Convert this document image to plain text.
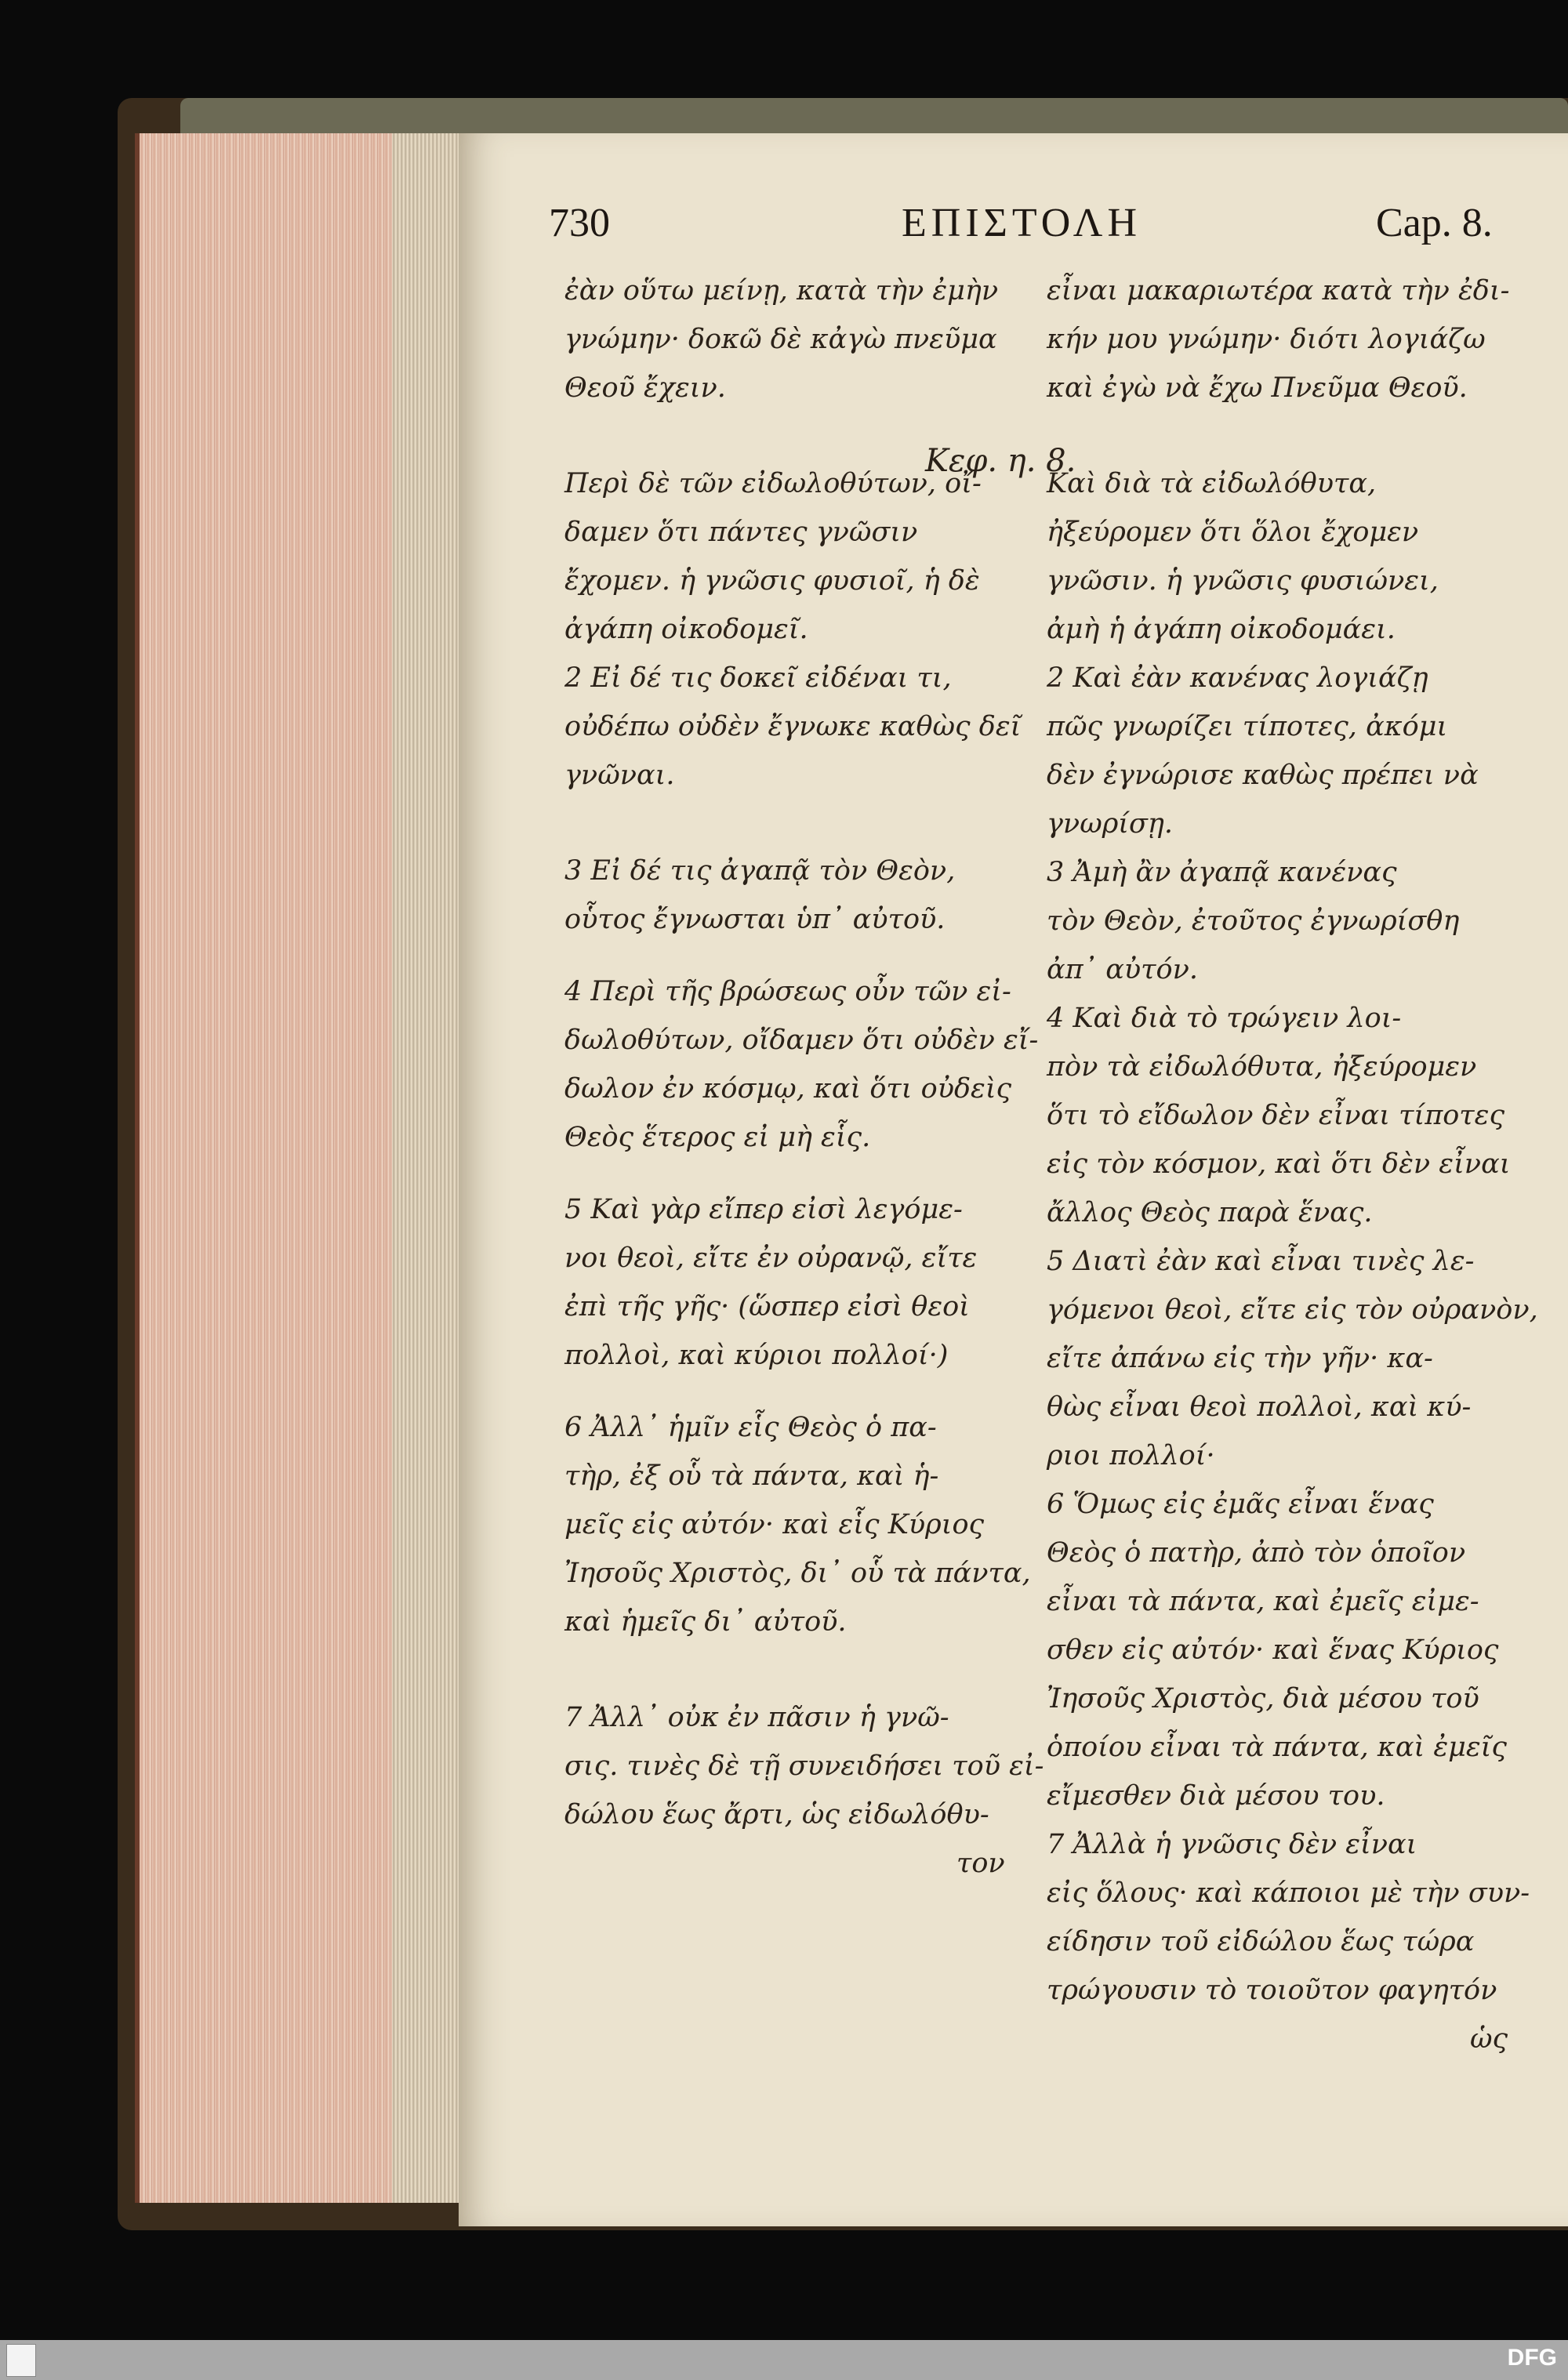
730	ΕΠΙΣΤΟΛΗ	Cap. 8.
Κεφ. η. 8.
ἐὰν οὕτω μείνῃ, κατὰ τὴν ἐμὴν
γνώμην· δοκῶ δὲ κἀγὼ πνεῦμα
Θεοῦ ἔχειν.
Περὶ δὲ τῶν εἰδωλοθύτων, οἴ-
δαμεν ὅτι πάντες γνῶσιν
ἔχομεν. ἡ γνῶσις φυσιοῖ, ἡ δὲ
ἀγάπη οἰκοδομεῖ.
2 Εἰ δέ τις δοκεῖ εἰδέναι τι,
οὐδέπω οὐδὲν ἔγνωκε καθὼς δεῖ
γνῶναι.
3 Εἰ δέ τις ἀγαπᾷ τὸν Θεὸν,
οὗτος ἔγνωσται ὑπ᾽ αὐτοῦ.
4 Περὶ τῆς βρώσεως οὖν τῶν εἰ-
δωλοθύτων, οἴδαμεν ὅτι οὐδὲν εἴ-
δωλον ἐν κόσμῳ, καὶ ὅτι οὐδεὶς
Θεὸς ἕτερος εἰ μὴ εἷς.
5 Καὶ γὰρ εἴπερ εἰσὶ λεγόμε-
νοι θεοὶ, εἴτε ἐν οὐρανῷ, εἴτε
ἐπὶ τῆς γῆς· (ὥσπερ εἰσὶ θεοὶ
πολλοὶ, καὶ κύριοι πολλοί·)
6 Ἀλλ᾽ ἡμῖν εἷς Θεὸς ὁ πα-
τὴρ, ἐξ οὗ τὰ πάντα, καὶ ἡ-
μεῖς εἰς αὐτόν· καὶ εἷς Κύριος
Ἰησοῦς Χριστὸς, δι᾽ οὗ τὰ πάντα,
καὶ ἡμεῖς δι᾽ αὐτοῦ.
7 Ἀλλ᾽ οὐκ ἐν πᾶσιν ἡ γνῶ-
σις. τινὲς δὲ τῇ συνειδήσει τοῦ εἰ-
δώλου ἕως ἄρτι, ὡς εἰδωλόθυ-
τον
εἶναι μακαριωτέρα κατὰ τὴν ἐδι-
κήν μου γνώμην· διότι λογιάζω
καὶ ἐγὼ νὰ ἔχω Πνεῦμα Θεοῦ.
Καὶ διὰ τὰ εἰδωλόθυτα,
ἠξεύρομεν ὅτι ὅλοι ἔχομεν
γνῶσιν. ἡ γνῶσις φυσιώνει,
ἀμὴ ἡ ἀγάπη οἰκοδομάει.
2 Καὶ ἐὰν κανένας λογιάζῃ
πῶς γνωρίζει τίποτες, ἀκόμι
δὲν ἐγνώρισε καθὼς πρέπει νὰ
γνωρίσῃ.
3 Ἀμὴ ἂν ἀγαπᾷ κανένας
τὸν Θεὸν, ἐτοῦτος ἐγνωρίσθη
ἀπ᾽ αὐτόν.
4 Καὶ διὰ τὸ τρώγειν λοι-
πὸν τὰ εἰδωλόθυτα, ἠξεύρομεν
ὅτι τὸ εἴδωλον δὲν εἶναι τίποτες
εἰς τὸν κόσμον, καὶ ὅτι δὲν εἶναι
ἄλλος Θεὸς παρὰ ἕνας.
5 Διατὶ ἐὰν καὶ εἶναι τινὲς λε-
γόμενοι θεοὶ, εἴτε εἰς τὸν οὐρανὸν,
εἴτε ἀπάνω εἰς τὴν γῆν· κα-
θὼς εἶναι θεοὶ πολλοὶ, καὶ κύ-
ριοι πολλοί·
6 Ὅμως εἰς ἐμᾶς εἶναι ἕνας
Θεὸς ὁ πατὴρ, ἀπὸ τὸν ὁποῖον
εἶναι τὰ πάντα, καὶ ἐμεῖς εἰμε-
σθεν εἰς αὐτόν· καὶ ἕνας Κύριος
Ἰησοῦς Χριστὸς, διὰ μέσου τοῦ
ὁποίου εἶναι τὰ πάντα, καὶ ἐμεῖς
εἴμεσθεν διὰ μέσου του.
7 Ἀλλὰ ἡ γνῶσις δὲν εἶναι
εἰς ὅλους· καὶ κάποιοι μὲ τὴν συν-
είδησιν τοῦ εἰδώλου ἕως τώρα
τρώγουσιν τὸ τοιοῦτον φαγητόν
ὡς
DFG
